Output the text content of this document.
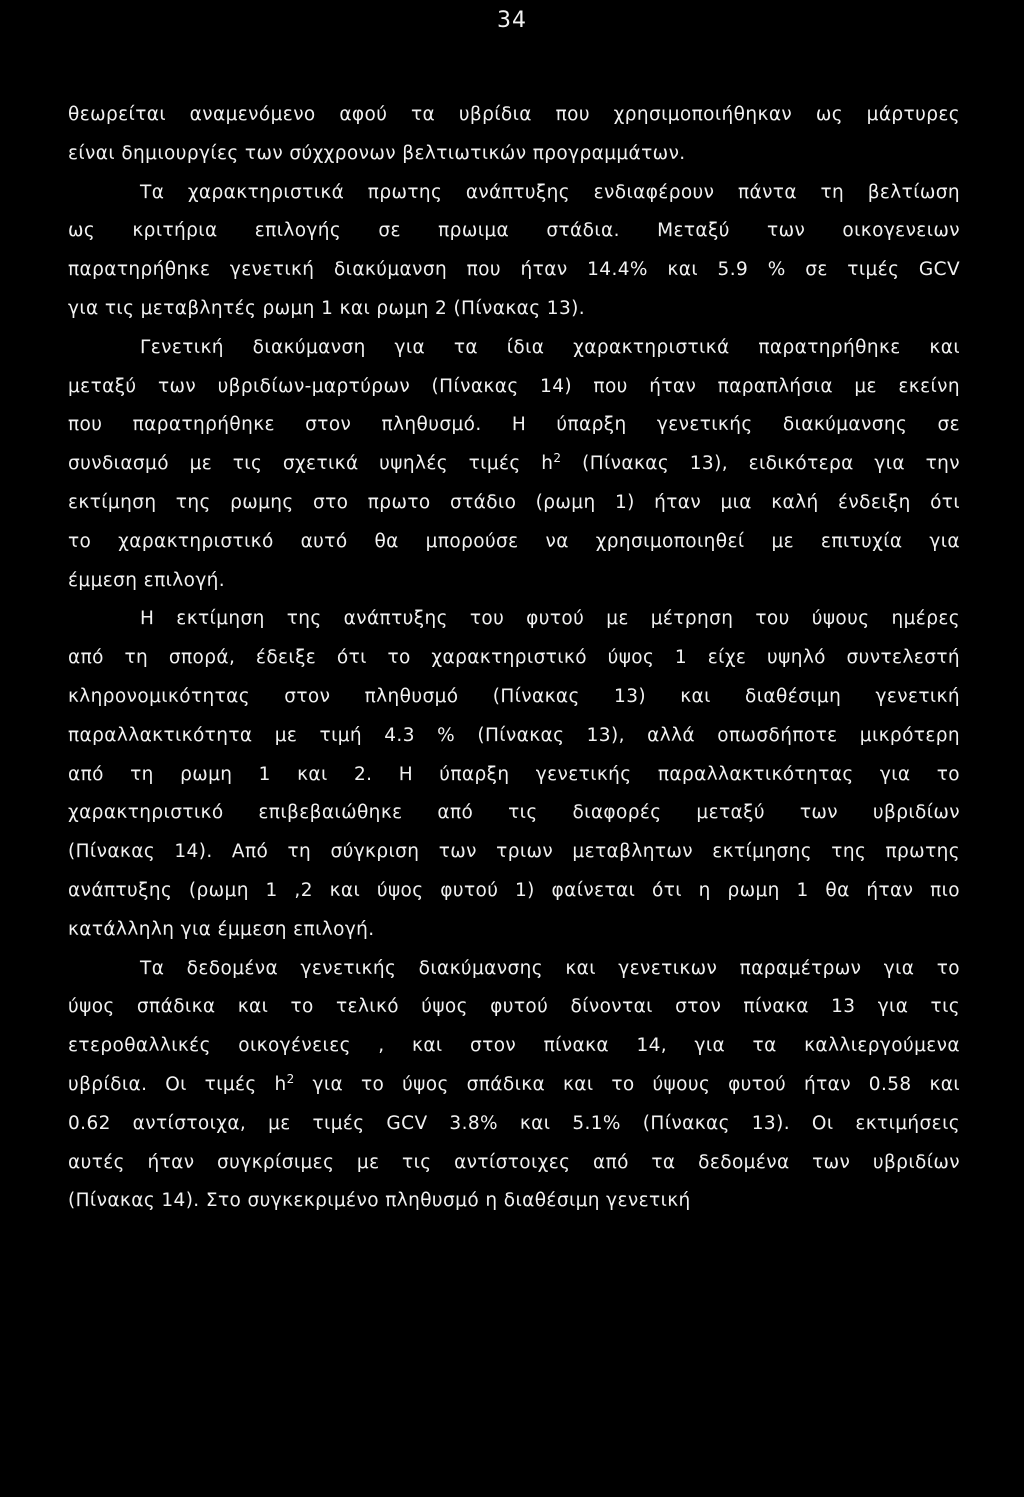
34
θεωρείται αναμενόμενο αφού τα υβρίδια που χρησιμοποιήθηκαν ως μάρτυρες
είναι δημιουργίες των σύχχρονων βελτιωτικών προγραμμάτων.
Τα χαρακτηριστικά πρωτης ανάπτυξης ενδιαφέρουν πάντα τη βελτίωση
ως κριτήρια επιλογής σε πρωιμα στάδια. Μεταξύ των οικογενειων
παρατηρήθηκε γενετική διακύμανση που ήταν 14.4% και 5.9 % σε τιμές GCV
για τις μεταβλητές ρωμη 1 και ρωμη 2 (Πίνακας 13).
Γενετική διακύμανση για τα ίδια χαρακτηριστικά παρατηρήθηκε και
μεταξύ των υβριδίων-μαρτύρων (Πίνακας 14) που ήταν παραπλήσια με εκείνη
που παρατηρήθηκε στον πληθυσμό. Η ύπαρξη γενετικής διακύμανσης σε
συνδιασμό με τις σχετικά υψηλές τιμές $h^2$ (Πίνακας 13), ειδικότερα για την
εκτίμηση της ρωμης στο πρωτο στάδιο (ρωμη 1) ήταν μια καλή ένδειξη ότι
το χαρακτηριστικό αυτό θα μπορούσε να χρησιμοποιηθεί με επιτυχία για
έμμεση επιλογή.
Η εκτίμηση της ανάπτυξης του φυτού με μέτρηση του ύψους ημέρες
από τη σπορά, έδειξε ότι το χαρακτηριστικό ύψος 1 είχε υψηλό συντελεστή
κληρονομικότητας στον πληθυσμό (Πίνακας 13) και διαθέσιμη γενετική
παραλλακτικότητα με τιμή 4.3 % (Πίνακας 13), αλλά οπωσδήποτε μικρότερη
από τη ρωμη 1 και 2. Η ύπαρξη γενετικής παραλλακτικότητας για το
χαρακτηριστικό επιβεβαιώθηκε από τις διαφορές μεταξύ των υβριδίων
(Πίνακας 14). Από τη σύγκριση των τριων μεταβλητων εκτίμησης της πρωτης
ανάπτυξης (ρωμη 1 ,2 και ύψος φυτού 1) φαίνεται ότι η ρωμη 1 θα ήταν πιο
κατάλληλη για έμμεση επιλογή.
Τα δεδομένα γενετικής διακύμανσης και γενετικων παραμέτρων για το
ύψος σπάδικα και το τελικό ύψος φυτού δίνονται στον πίνακα 13 για τις
ετεροθαλλικές οικογένειες , και στον πίνακα 14, για τα καλλιεργούμενα
υβρίδια. Οι τιμές $h^2$ για το ύψος σπάδικα και το ύψους φυτού ήταν 0.58 και
0.62 αντίστοιχα, με τιμές GCV 3.8% και 5.1% (Πίνακας 13). Οι εκτιμήσεις
αυτές ήταν συγκρίσιμες με τις αντίστοιχες από τα δεδομένα των υβριδίων
(Πίνακας 14). Στο συγκεκριμένο πληθυσμό η διαθέσιμη γενετική
